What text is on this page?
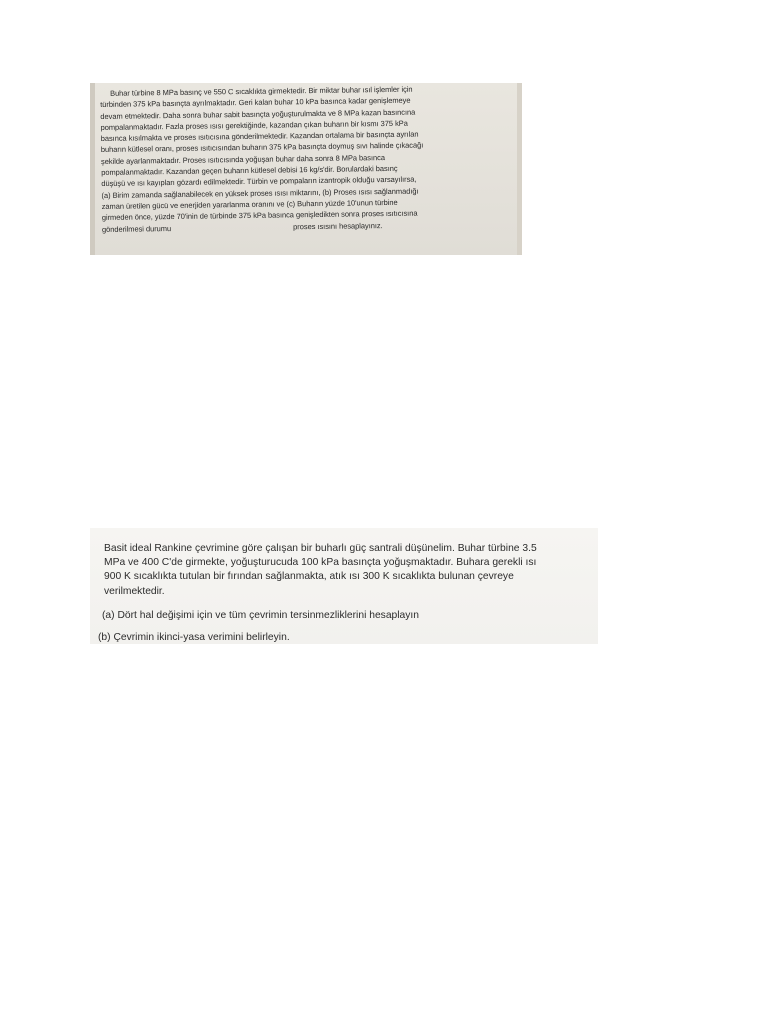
Buhar türbine 8 MPa basınç ve 550 C sıcaklıkta girmektedir. Bir miktar buhar ısıl işlemler için
türbinden 375 kPa basınçta ayrılmaktadır. Geri kalan buhar 10 kPa basınca kadar genişlemeye
devam etmektedir. Daha sonra buhar sabit basınçta yoğuşturulmakta ve 8 MPa kazan basıncına
pompalanmaktadır. Fazla proses ısısı gerektiğinde, kazandan çıkan buharın bir kısmı 375 kPa
basınca kısılmakta ve proses ısıtıcısına gönderilmektedir. Kazandan ortalama bir basınçta ayrılan
buharın kütlesel oranı, proses ısıtıcısından buharın 375 kPa basınçta doymuş sıvı halinde çıkacağı
şekilde ayarlanmaktadır. Proses ısıtıcısında yoğuşan buhar daha sonra 8 MPa basınca
pompalanmaktadır. Kazandan geçen buharın kütlesel debisi 16 kg/s'dir. Borulardaki basınç
düşüşü ve ısı kayıpları gözardı edilmektedir. Türbin ve pompaların izantropik olduğu varsayılırsa,
(a) Birim zamanda sağlanabilecek en yüksek proses ısısı miktarını, (b) Proses ısısı sağlanmadığı
zaman üretilen gücü ve enerjiden yararlanma oranını ve (c) Buharın yüzde 10'unun türbine
girmeden önce, yüzde 70'inin de türbinde 375 kPa basınca genişledikten sonra proses ısıtıcısına
gönderilmesi durumu	proses ısısını hesaplayınız.
Basit ideal Rankine çevrimine göre çalışan bir buharlı güç santrali düşünelim. Buhar türbine 3.5
MPa ve 400 C'de girmekte, yoğuşturucuda 100 kPa basınçta yoğuşmaktadır. Buhara gerekli ısı
900 K sıcaklıkta tutulan bir fırından sağlanmakta, atık ısı 300 K sıcaklıkta bulunan çevreye
verilmektedir.
(a) Dört hal değişimi için ve tüm çevrimin tersinmezliklerini hesaplayın
(b) Çevrimin ikinci-yasa verimini belirleyin.
